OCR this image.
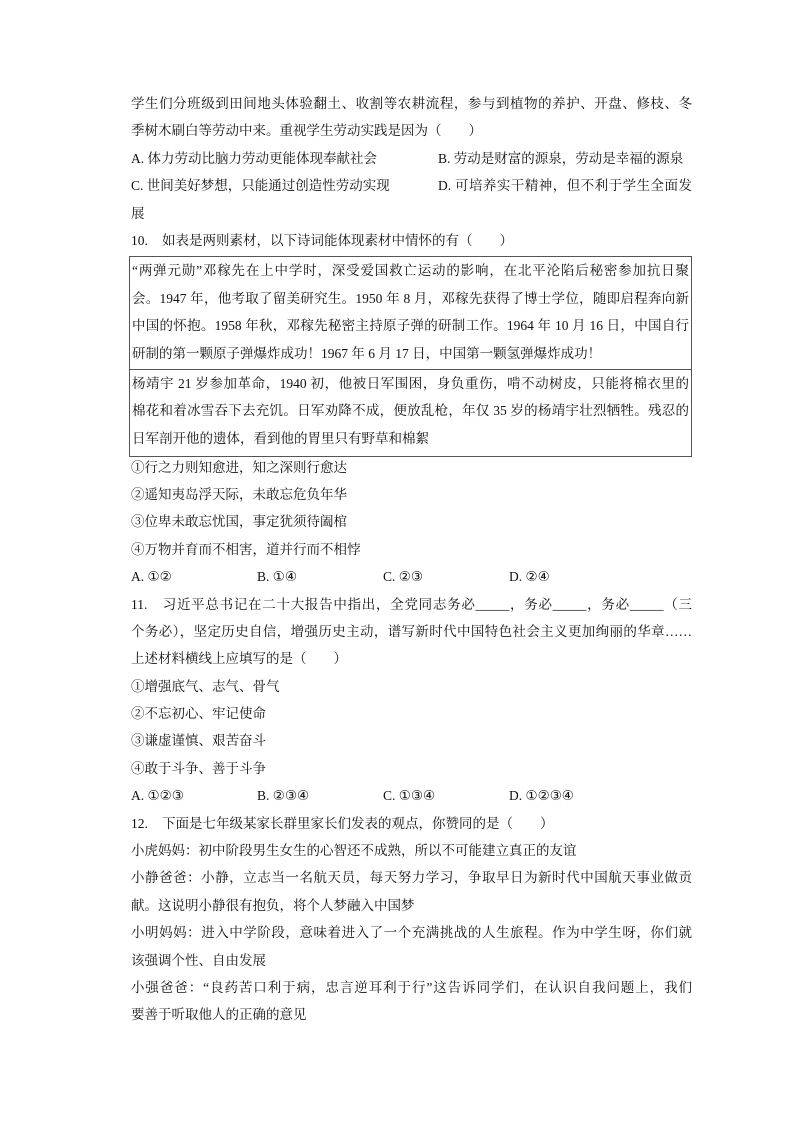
学生们分班级到田间地头体验翻土、收割等农耕流程，参与到植物的养护、开盘、修枝、冬
季树木刷白等劳动中来。重视学生劳动实践是因为（　　）
A. 体力劳动比脑力劳动更能体现奉献社会	B. 劳动是财富的源泉，劳动是幸福的源泉
C. 世间美好梦想，只能通过创造性劳动实现	D. 可培养实干精神，但不利于学生全面发
展
10. 如表是两则素材，以下诗词能体现素材中情怀的有（　　）
“两弹元勋”邓稼先在上中学时，深受爱国救亡运动的影响，在北平沦陷后秘密参加抗日聚
会。1947 年，他考取了留美研究生。1950 年 8 月，邓稼先获得了博士学位，随即启程奔向新
中国的怀抱。1958 年秋，邓稼先秘密主持原子弹的研制工作。1964 年 10 月 16 日，中国自行
研制的第一颗原子弹爆炸成功！1967 年 6 月 17 日，中国第一颗氢弹爆炸成功！
杨靖宇 21 岁参加革命，1940 初，他被日军围困，身负重伤，啃不动树皮，只能将棉衣里的
棉花和着冰雪吞下去充饥。日军劝降不成，便放乱枪，年仅 35 岁的杨靖宇壮烈牺牲。残忍的
日军剖开他的遗体，看到他的胃里只有野草和棉絮
①行之力则知愈进，知之深则行愈达
②遥知夷岛浮天际，未敢忘危负年华
③位卑未敢忘忧国，事定犹须待阖棺
④万物并育而不相害，道并行而不相悖
A. ①②	B. ①④	C. ②③	D. ②④
11. 习近平总书记在二十大报告中指出，全党同志务必_____，务必_____，务必_____（三
个务必），坚定历史自信，增强历史主动，谱写新时代中国特色社会主义更加绚丽的华章……
上述材料横线上应填写的是（　　）
①增强底气、志气、骨气
②不忘初心、牢记使命
③谦虚谨慎、艰苦奋斗
④敢于斗争、善于斗争
A. ①②③	B. ②③④	C. ①③④	D. ①②③④
12. 下面是七年级某家长群里家长们发表的观点，你赞同的是（　　）
小虎妈妈：初中阶段男生女生的心智还不成熟，所以不可能建立真正的友谊
小静爸爸：小静，立志当一名航天员，每天努力学习，争取早日为新时代中国航天事业做贡
献。这说明小静很有抱负，将个人梦融入中国梦
小明妈妈：进入中学阶段，意味着进入了一个充满挑战的人生旅程。作为中学生呀，你们就
该强调个性、自由发展
小强爸爸：“良药苦口利于病，忠言逆耳利于行”这告诉同学们，在认识自我问题上，我们
要善于听取他人的正确的意见
